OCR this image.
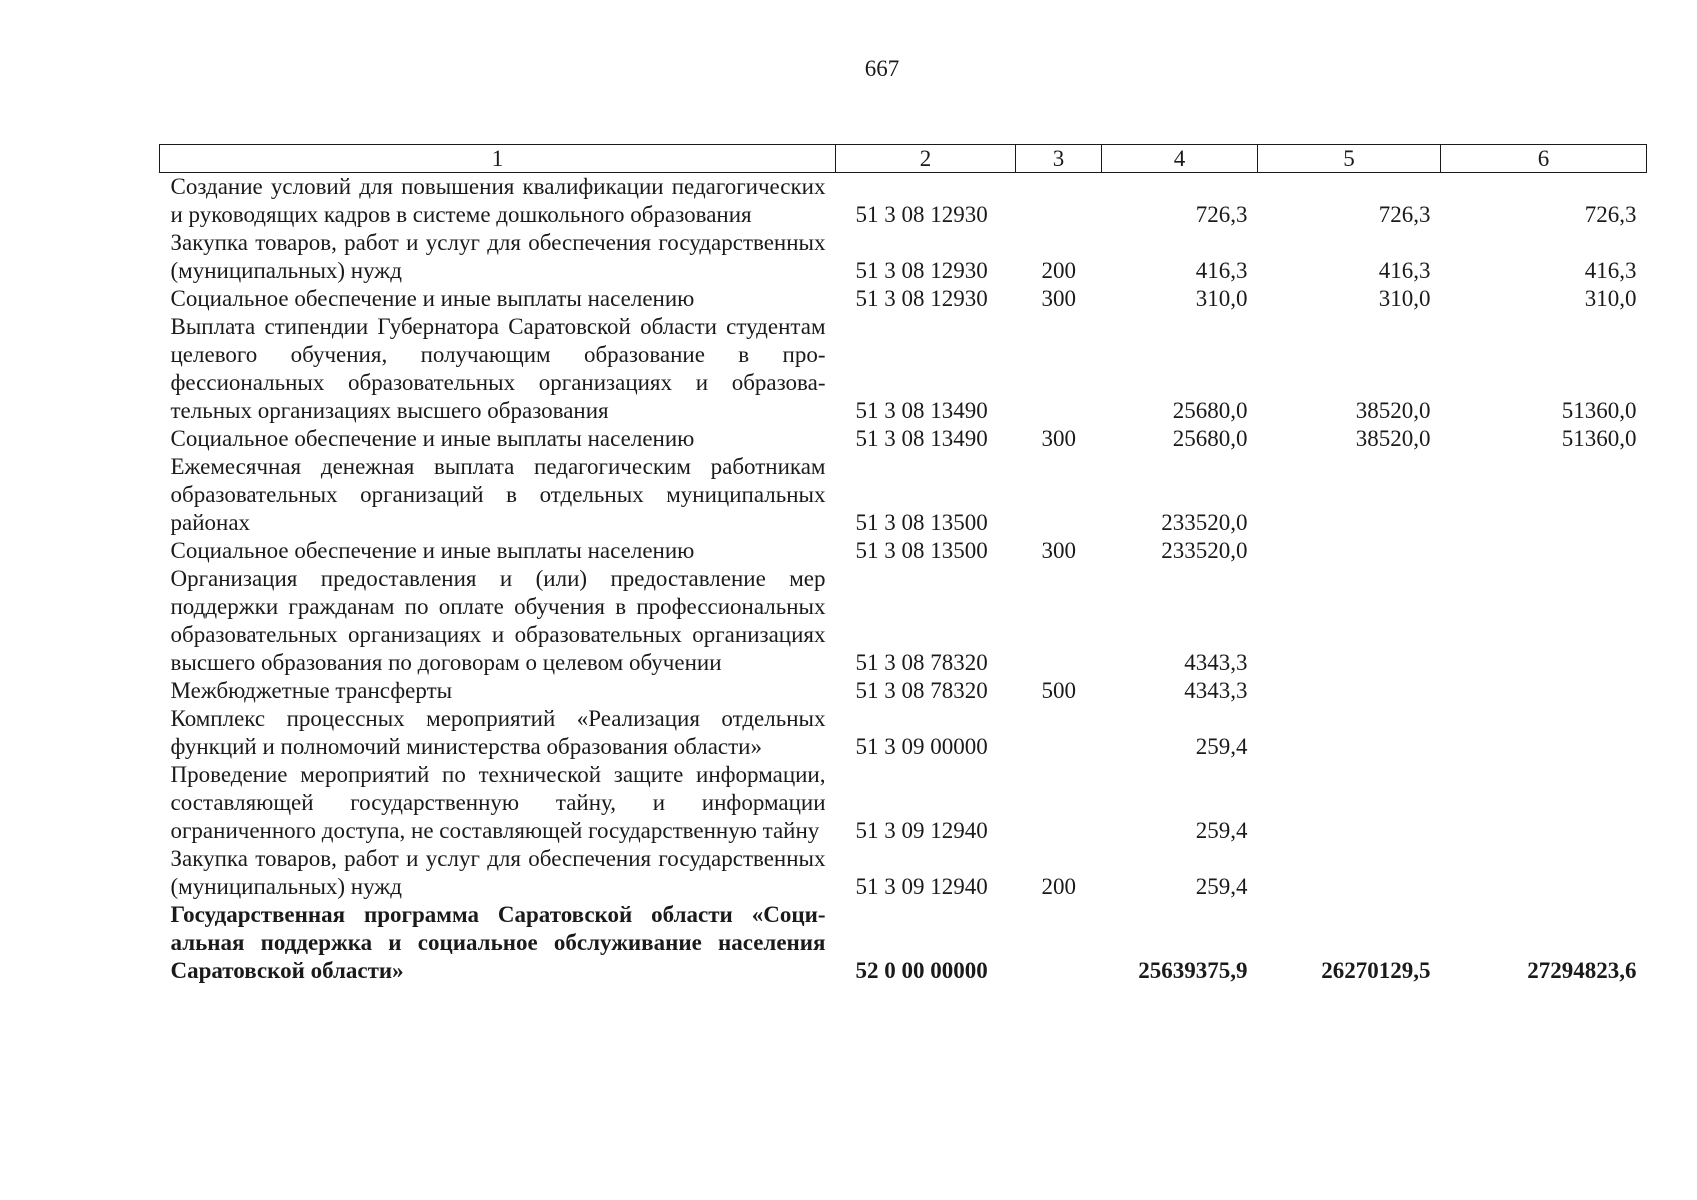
667
1	2	3	4	5	6
Создание условий для повышения квалификации педагогических и руководящих кадров в системе дошкольного образования	51 3 08 12930		726,3	726,3	726,3
Закупка товаров, работ и услуг для обеспечения государственных (муниципальных) нужд	51 3 08 12930	200	416,3	416,3	416,3
Социальное обеспечение и иные выплаты населению	51 3 08 12930	300	310,0	310,0	310,0
Выплата стипендии Губернатора Саратовской области студентам целевого обучения, получающим образование в профессиональных образовательных организациях и образовательных организациях высшего образования	51 3 08 13490		25680,0	38520,0	51360,0
Социальное обеспечение и иные выплаты населению	51 3 08 13490	300	25680,0	38520,0	51360,0
Ежемесячная денежная выплата педагогическим работникам образовательных организаций в отдельных муниципальных районах	51 3 08 13500		233520,0		
Социальное обеспечение и иные выплаты населению	51 3 08 13500	300	233520,0		
Организация предоставления и (или) предоставление мер поддержки гражданам по оплате обучения в профессиональных образовательных организациях и образовательных организациях высшего образования по договорам о целевом обучении	51 3 08 78320		4343,3		
Межбюджетные трансферты	51 3 08 78320	500	4343,3		
Комплекс процессных мероприятий «Реализация отдельных функций и полномочий министерства образования области»	51 3 09 00000		259,4		
Проведение мероприятий по технической защите информации, составляющей государственную тайну, и информации ограниченного доступа, не составляющей государственную тайну	51 3 09 12940		259,4		
Закупка товаров, работ и услуг для обеспечения государственных (муниципальных) нужд	51 3 09 12940	200	259,4		
Государственная программа Саратовской области «Социальная поддержка и социальное обслуживание населения Саратовской области»	52 0 00 00000		25639375,9	26270129,5	27294823,6
